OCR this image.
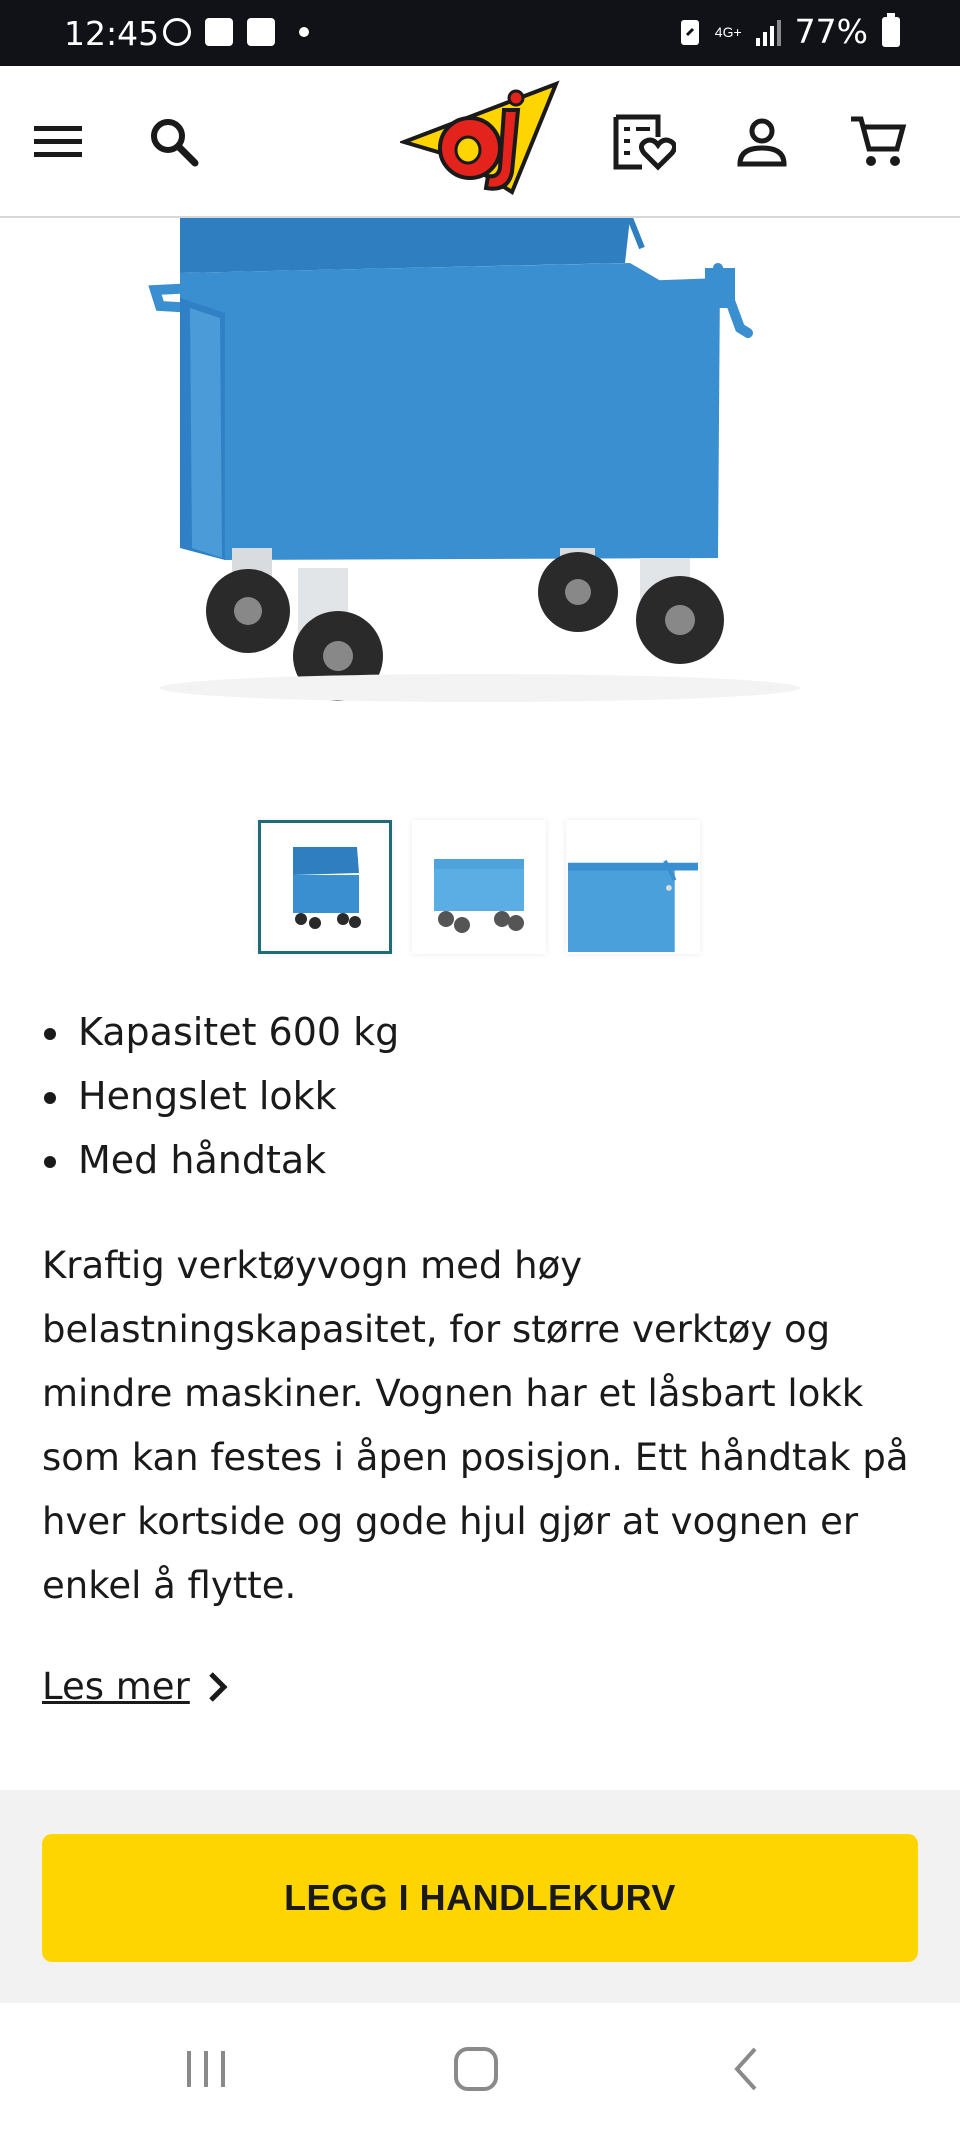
12:45	4G+ 77%
Kapasitet 600 kg
Hengslet lokk
Med håndtak

Kraftig verktøyvogn med høy belastningskapasitet, for større verktøy og mindre maskiner. Vognen har et låsbart lokk som kan festes i åpen posisjon. Ett håndtak på hver kortside og gode hjul gjør at vognen er enkel å flytte.

Les mer
LEGG I HANDLEKURV
